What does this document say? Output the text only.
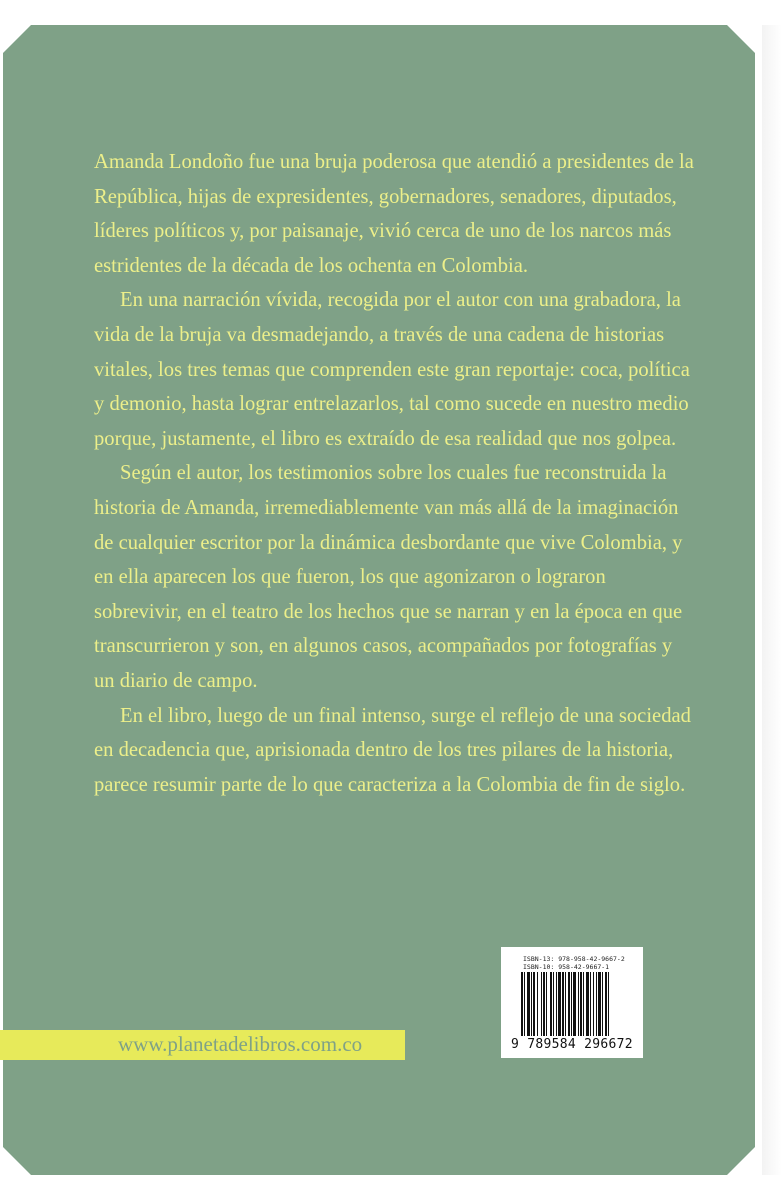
Amanda Londoño fue una bruja poderosa que atendió a presidentes de la República, hijas de expresidentes, gobernadores, senadores, diputados, líderes políticos y, por paisanaje, vivió cerca de uno de los narcos más estridentes de la década de los ochenta en Colombia.

En una narración vívida, recogida por el autor con una grabadora, la vida de la bruja va desmadejando, a través de una cadena de historias vitales, los tres temas que comprenden este gran reportaje: coca, política y demonio, hasta lograr entrelazarlos, tal como sucede en nuestro medio porque, justamente, el libro es extraído de esa realidad que nos golpea.

Según el autor, los testimonios sobre los cuales fue reconstruida la historia de Amanda, irremediablemente van más allá de la imaginación de cualquier escritor por la dinámica desbordante que vive Colombia, y en ella aparecen los que fueron, los que agonizaron o lograron sobrevivir, en el teatro de los hechos que se narran y en la época en que transcurrieron y son, en algunos casos, acompañados por fotografías y un diario de campo.

En el libro, luego de un final intenso, surge el reflejo de una sociedad en decadencia que, aprisionada dentro de los tres pilares de la historia, parece resumir parte de lo que caracteriza a la Colombia de fin de siglo.

www.planetadelibros.com.co
ISBN-13: 978-958-42-9667-2
ISBN-10: 958-42-9667-1
9 789584 296672
